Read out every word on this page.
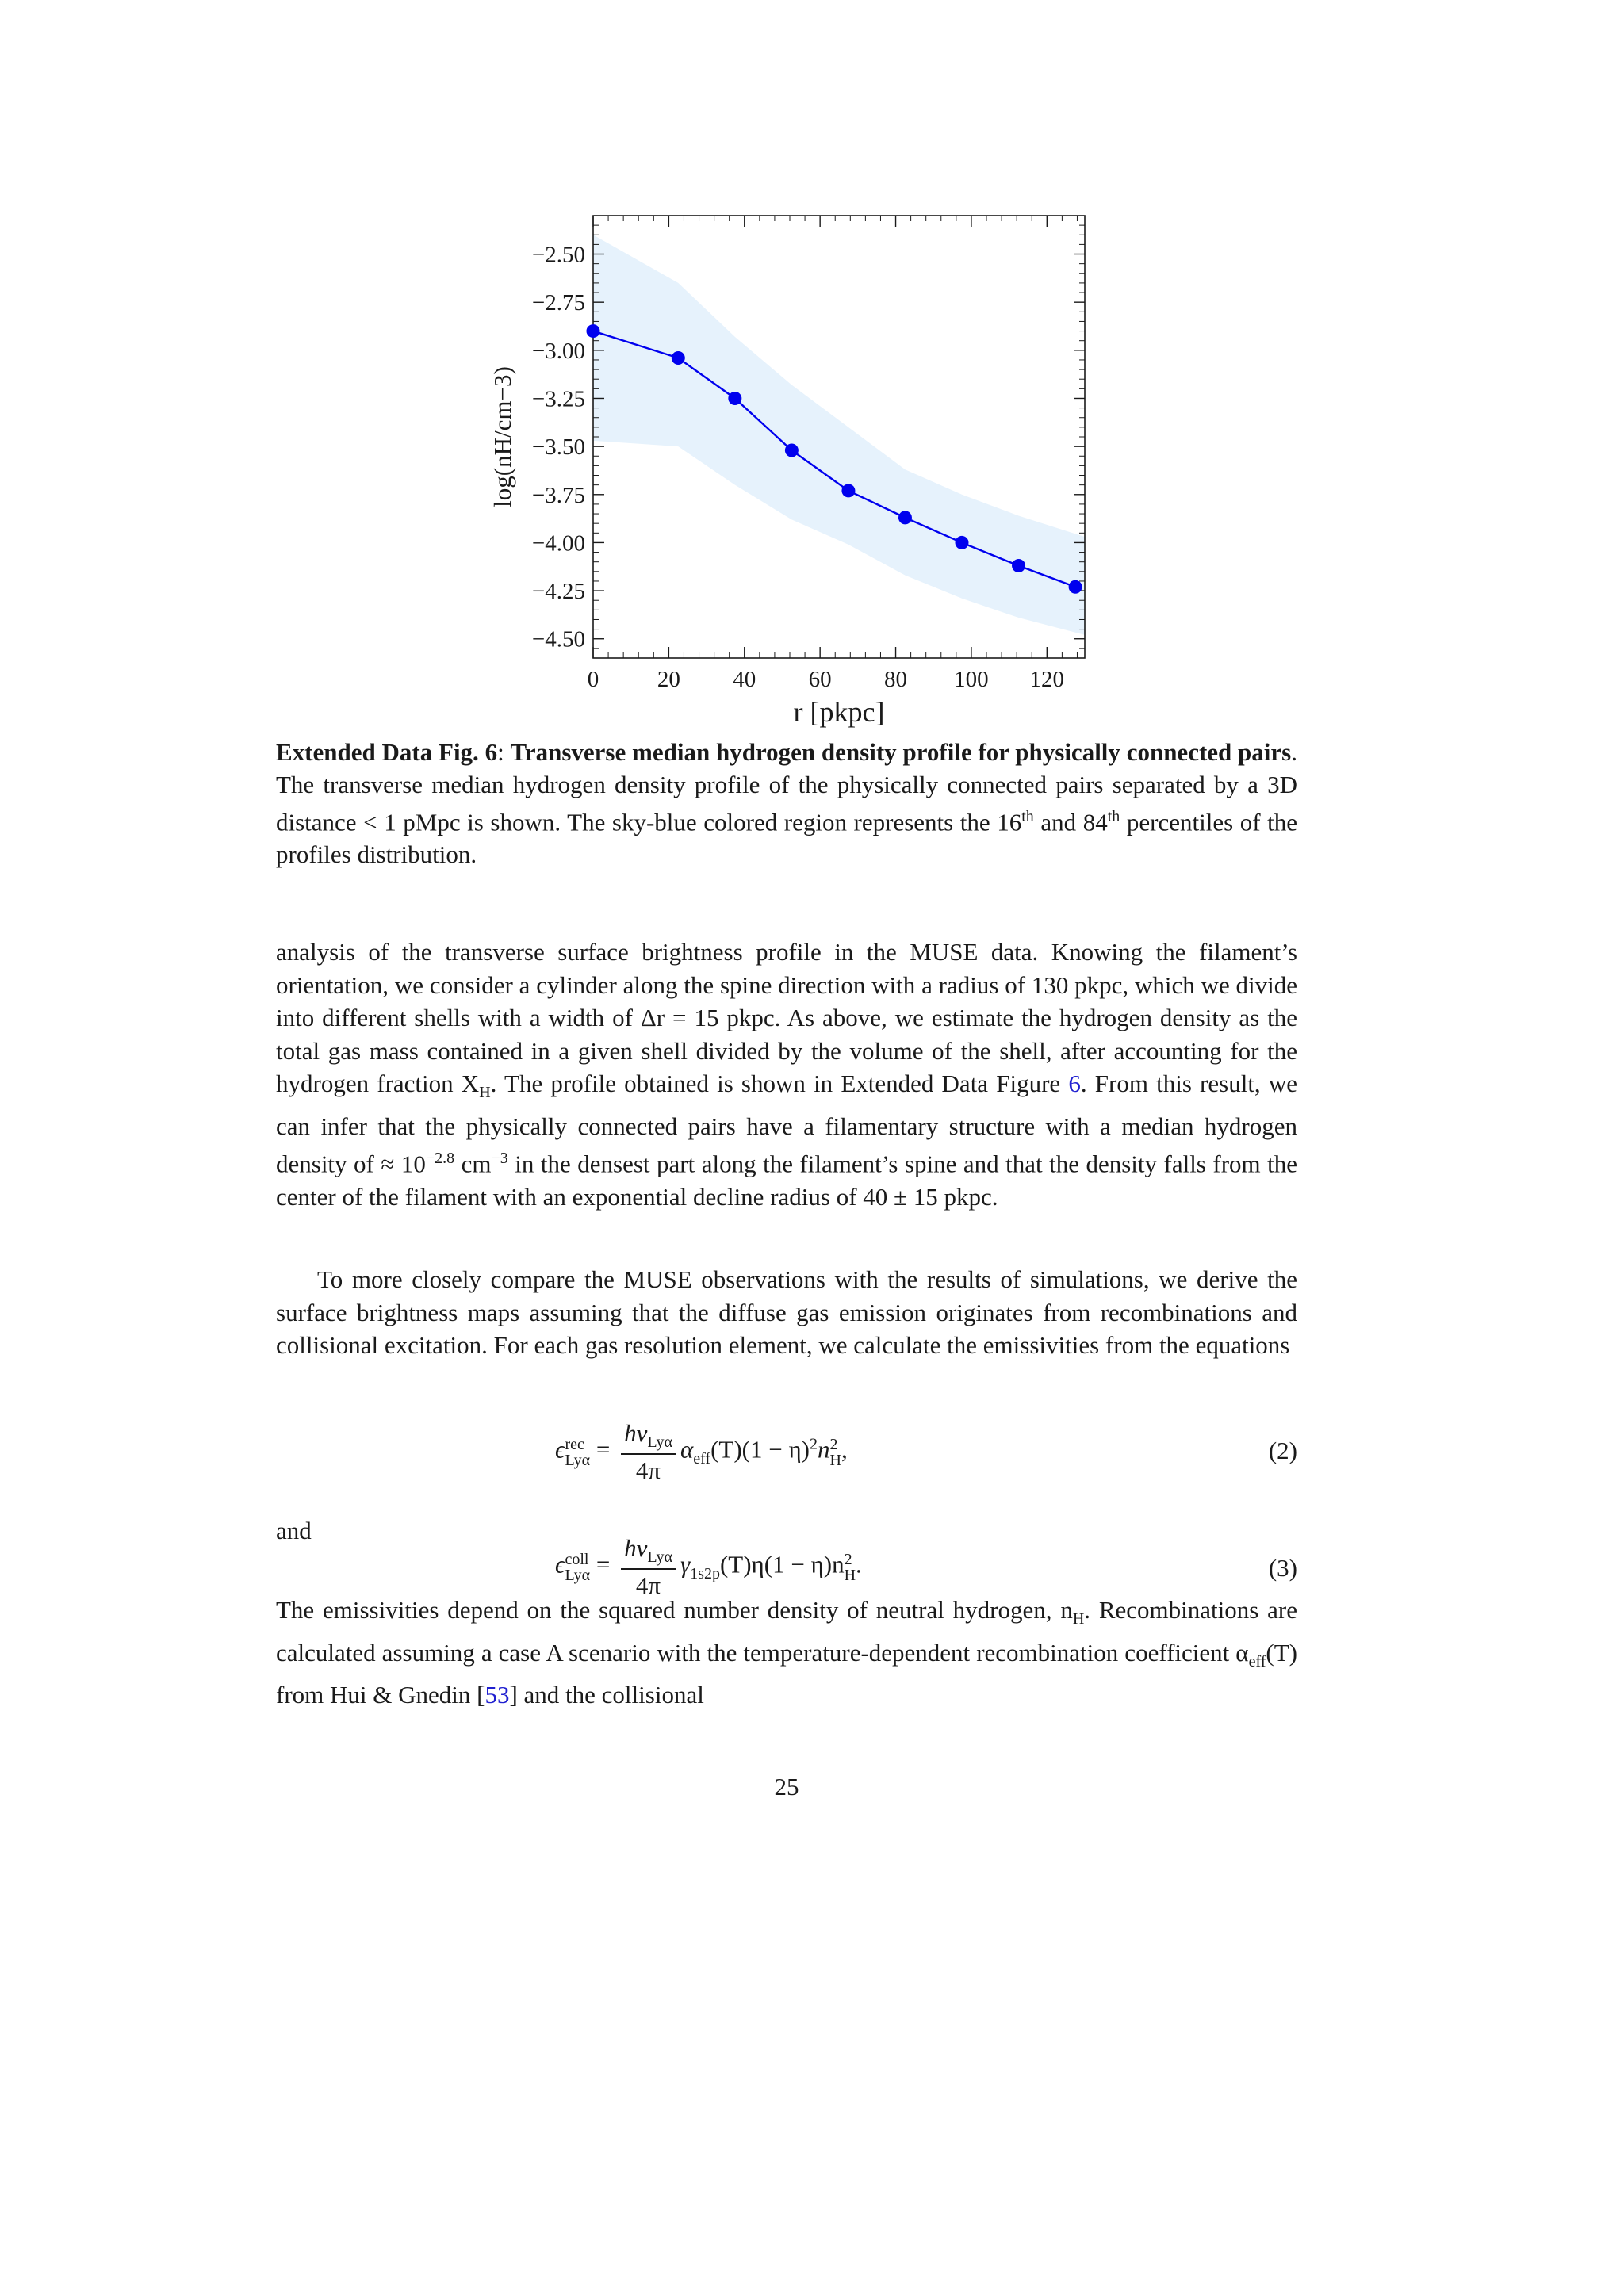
0	20 40 60 80 100 120
−2.50
−2.75
−3.00
−3.25
−3.50
−3.75
−4.00
−4.25
−4.50
r [pkpc]
log(nH/cm−3)

Extended Data Fig. 6: Transverse median hydrogen density profile for physically connected pairs. The transverse median hydrogen density profile of the physically connected pairs separated by a 3D distance < 1 pMpc is shown. The sky-blue colored region represents the 16th and 84th percentiles of the profiles distribution.

analysis of the transverse surface brightness profile in the MUSE data. Knowing the filament’s orientation, we consider a cylinder along the spine direction with a radius of 130 pkpc, which we divide into different shells with a width of Δr = 15 pkpc. As above, we estimate the hydrogen density as the total gas mass contained in a given shell divided by the volume of the shell, after accounting for the hydrogen fraction $X_H$. The profile obtained is shown in Extended Data Figure 6. From this result, we can infer that the physically connected pairs have a filamentary structure with a median hydrogen density of ≈ $10^{-2.8}$ $cm^{-3}$ in the densest part along the filament’s spine and that the density falls from the center of the filament with an exponential decline radius of 40 ± 15 pkpc.

To more closely compare the MUSE observations with the results of simulations, we derive the surface brightness maps assuming that the diffuse gas emission originates from recombinations and collisional excitation. For each gas resolution element, we calculate the emissivities from the equations

ϵ rec
$Ly\alpha = \frac{h\nu_{Ly\alpha}}{4\pi} \alpha_{eff}(T)(1 - \eta)^2n$ 2
H ,	(2)

and

ϵ coll
$Ly\alpha = \frac{h\nu_{Ly\alpha}}{4\pi} \gamma_{1s2p}(T)\eta(1 - \eta)n$ 2
H .	(3)

The emissivities depend on the squared number density of neutral hydrogen, $n_H$. Recombinations are calculated assuming a case A scenario with the temperature-dependent recombination coefficient $\alpha_{eff}(T)$ from Hui & Gnedin [53] and the collisional

25
